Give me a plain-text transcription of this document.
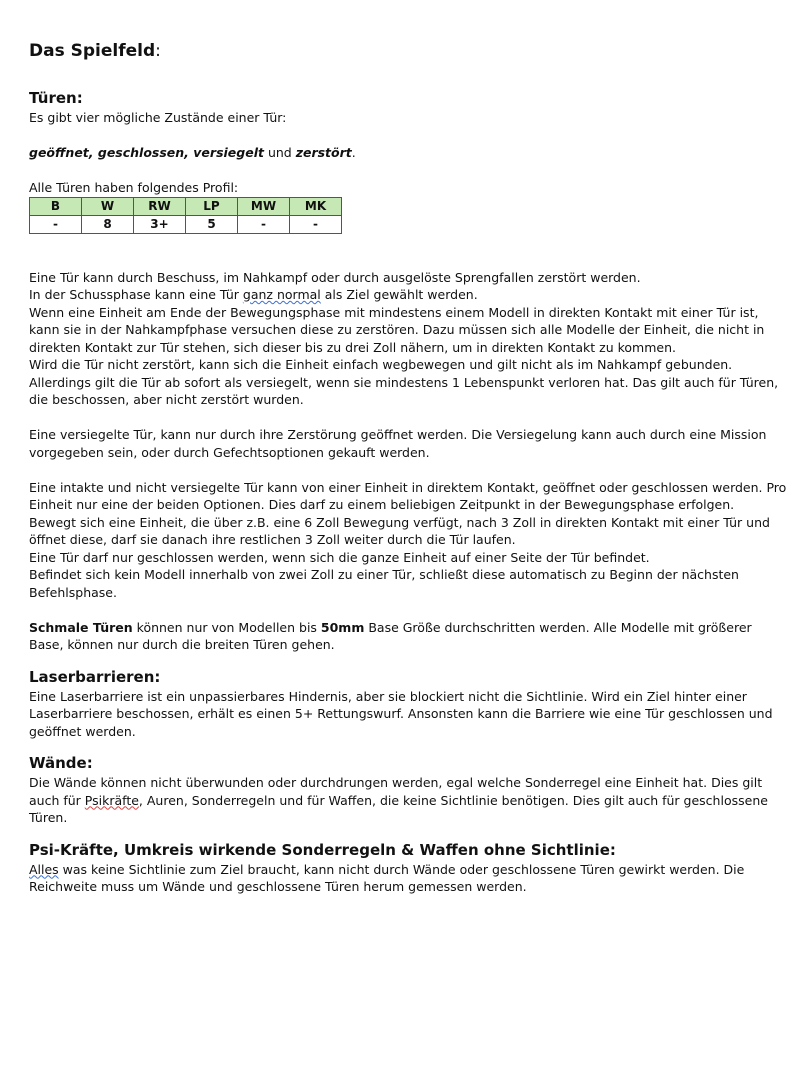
Das Spielfeld:
Türen:

Es gibt vier mögliche Zustände einer Tür:

geöffnet, geschlossen, versiegelt und zerstört.

Alle Türen haben folgendes Profil:

B	W	RW	LP	MW	MK
-	8	3+	5	-	-

Eine Tür kann durch Beschuss, im Nahkampf oder durch ausgelöste Sprengfallen zerstört werden.

In der Schussphase kann eine Tür ganz normal als Ziel gewählt werden.

Wenn eine Einheit am Ende der Bewegungsphase mit mindestens einem Modell in direkten Kontakt mit einer Tür ist, kann sie in der Nahkampfphase versuchen diese zu zerstören. Dazu müssen sich alle Modelle der Einheit, die nicht in direkten Kontakt zur Tür stehen, sich dieser bis zu drei Zoll nähern, um in direkten Kontakt zu kommen.

Wird die Tür nicht zerstört, kann sich die Einheit einfach wegbewegen und gilt nicht als im Nahkampf gebunden. Allerdings gilt die Tür ab sofort als versiegelt, wenn sie mindestens 1 Lebenspunkt verloren hat. Das gilt auch für Türen, die beschossen, aber nicht zerstört wurden.

Eine versiegelte Tür, kann nur durch ihre Zerstörung geöffnet werden. Die Versiegelung kann auch durch eine Mission vorgegeben sein, oder durch Gefechtsoptionen gekauft werden.

Eine intakte und nicht versiegelte Tür kann von einer Einheit in direktem Kontakt, geöffnet oder geschlossen werden. Pro Einheit nur eine der beiden Optionen. Dies darf zu einem beliebigen Zeitpunkt in der Bewegungsphase erfolgen.

Bewegt sich eine Einheit, die über z.B. eine 6 Zoll Bewegung verfügt, nach 3 Zoll in direkten Kontakt mit einer Tür und öffnet diese, darf sie danach ihre restlichen 3 Zoll weiter durch die Tür laufen.

Eine Tür darf nur geschlossen werden, wenn sich die ganze Einheit auf einer Seite der Tür befindet.

Befindet sich kein Modell innerhalb von zwei Zoll zu einer Tür, schließt diese automatisch zu Beginn der nächsten Befehlsphase.

Schmale Türen können nur von Modellen bis 50mm Base Größe durchschritten werden. Alle Modelle mit größerer Base, können nur durch die breiten Türen gehen.

Laserbarrieren:

Eine Laserbarriere ist ein unpassierbares Hindernis, aber sie blockiert nicht die Sichtlinie. Wird ein Ziel hinter einer Laserbarriere beschossen, erhält es einen 5+ Rettungswurf. Ansonsten kann die Barriere wie eine Tür geschlossen und geöffnet werden.

Wände:

Die Wände können nicht überwunden oder durchdrungen werden, egal welche Sonderregel eine Einheit hat. Dies gilt auch für Psikräfte, Auren, Sonderregeln und für Waffen, die keine Sichtlinie benötigen. Dies gilt auch für geschlossene Türen.

Psi-Kräfte, Umkreis wirkende Sonderregeln & Waffen ohne Sichtlinie:

Alles was keine Sichtlinie zum Ziel braucht, kann nicht durch Wände oder geschlossene Türen gewirkt werden. Die Reichweite muss um Wände und geschlossene Türen herum gemessen werden.
